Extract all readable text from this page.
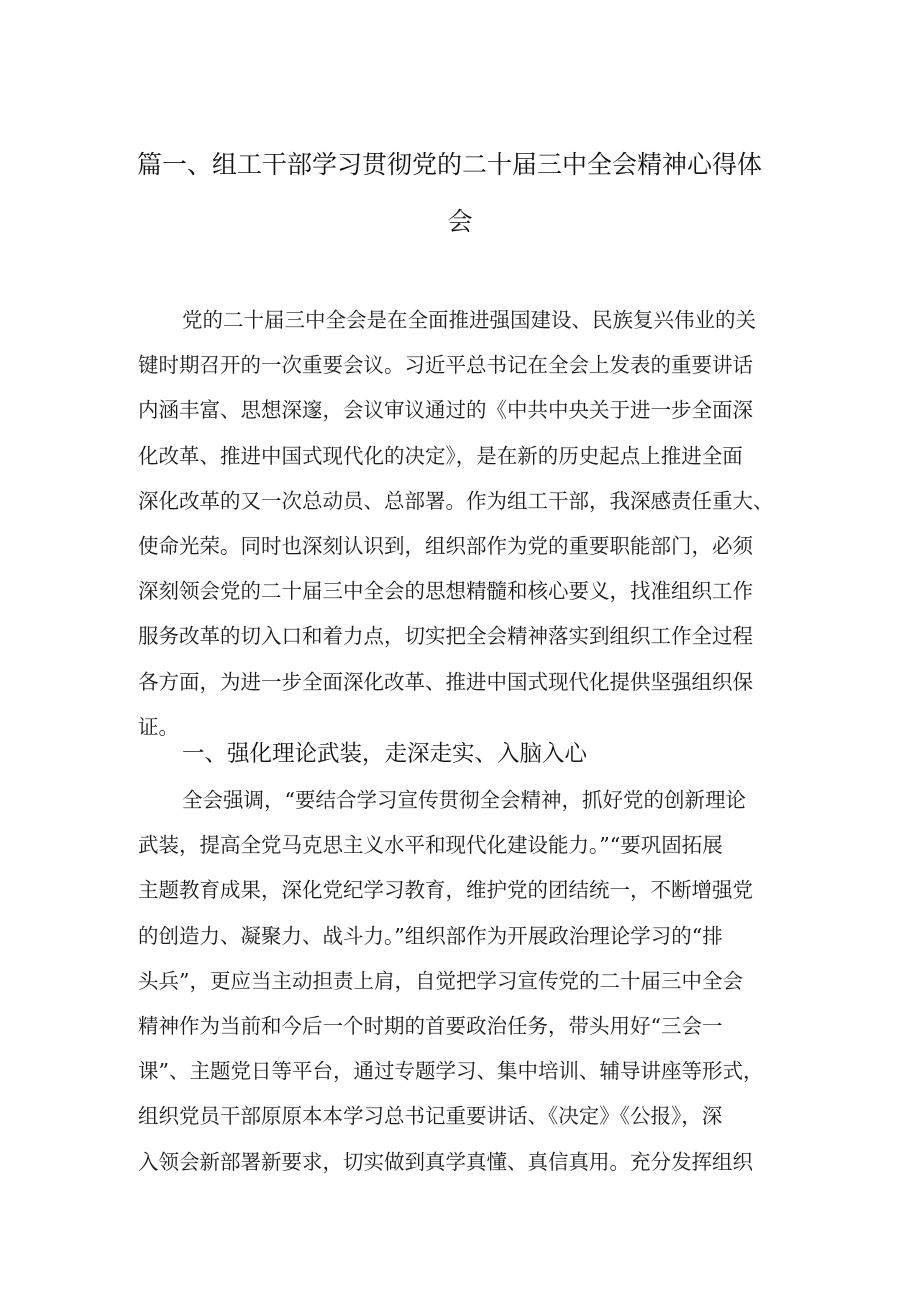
篇一、组工干部学习贯彻党的二十届三中全会精神心得体
会
党的二十届三中全会是在全面推进强国建设、民族复兴伟业的关
键时期召开的一次重要会议。习近平总书记在全会上发表的重要讲话
内涵丰富、思想深邃，会议审议通过的《中共中央关于进一步全面深
化改革、推进中国式现代化的决定》，是在新的历史起点上推进全面
深化改革的又一次总动员、总部署。作为组工干部，我深感责任重大、
使命光荣。同时也深刻认识到，组织部作为党的重要职能部门，必须
深刻领会党的二十届三中全会的思想精髓和核心要义，找准组织工作
服务改革的切入口和着力点，切实把全会精神落实到组织工作全过程
各方面，为进一步全面深化改革、推进中国式现代化提供坚强组织保
证。
一、强化理论武装，走深走实、入脑入心
全会强调，“要结合学习宣传贯彻全会精神，抓好党的创新理论
武装，提高全党马克思主义水平和现代化建设能力。”“要巩固拓展
主题教育成果，深化党纪学习教育，维护党的团结统一，不断增强党
的创造力、凝聚力、战斗力。”组织部作为开展政治理论学习的“排
头兵”，更应当主动担责上肩，自觉把学习宣传党的二十届三中全会
精神作为当前和今后一个时期的首要政治任务，带头用好“三会一
课”、主题党日等平台，通过专题学习、集中培训、辅导讲座等形式，
组织党员干部原原本本学习总书记重要讲话、《决定》《公报》，深
入领会新部署新要求，切实做到真学真懂、真信真用。充分发挥组织
